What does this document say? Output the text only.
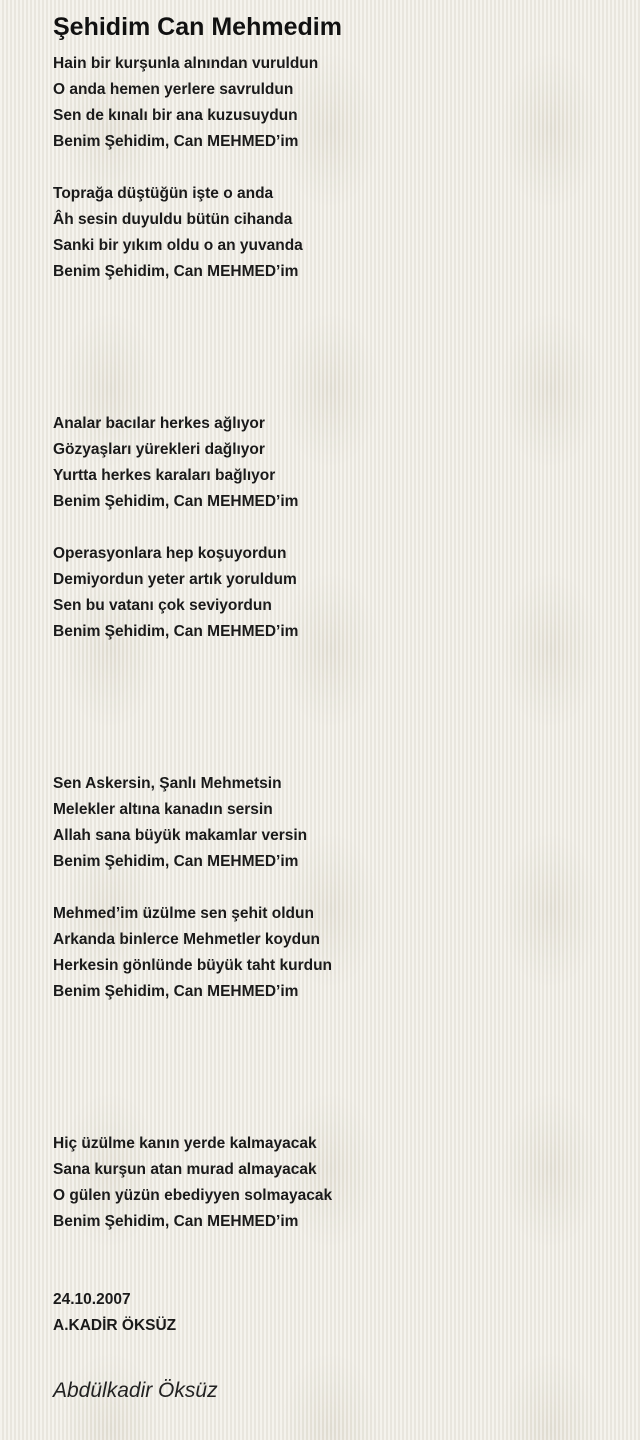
Şehidim Can Mehmedim
Hain bir kurşunla alnından vuruldun
O anda hemen yerlere savruldun
Sen de kınalı bir ana kuzusuydun
Benim Şehidim, Can MEHMED’im
Toprağa düştüğün işte o anda
Âh sesin duyuldu bütün cihanda
Sanki bir yıkım oldu o an yuvanda
Benim Şehidim, Can MEHMED’im
Analar bacılar herkes ağlıyor
Gözyaşları yürekleri dağlıyor
Yurtta herkes karaları bağlıyor
Benim Şehidim, Can MEHMED’im
Operasyonlara hep koşuyordun
Demiyordun yeter artık yoruldum
Sen bu vatanı çok seviyordun
Benim Şehidim, Can MEHMED’im
Sen Askersin, Şanlı Mehmetsin
Melekler altına kanadın sersin
Allah sana büyük makamlar versin
Benim Şehidim, Can MEHMED’im
Mehmed’im üzülme sen şehit oldun
Arkanda binlerce Mehmetler koydun
Herkesin gönlünde büyük taht kurdun
Benim Şehidim, Can MEHMED’im
Hiç üzülme kanın yerde kalmayacak
Sana kurşun atan murad almayacak
O gülen yüzün ebediyyen solmayacak
Benim Şehidim, Can MEHMED’im
24.10.2007
A.KADİR ÖKSÜZ
Abdülkadir Öksüz
